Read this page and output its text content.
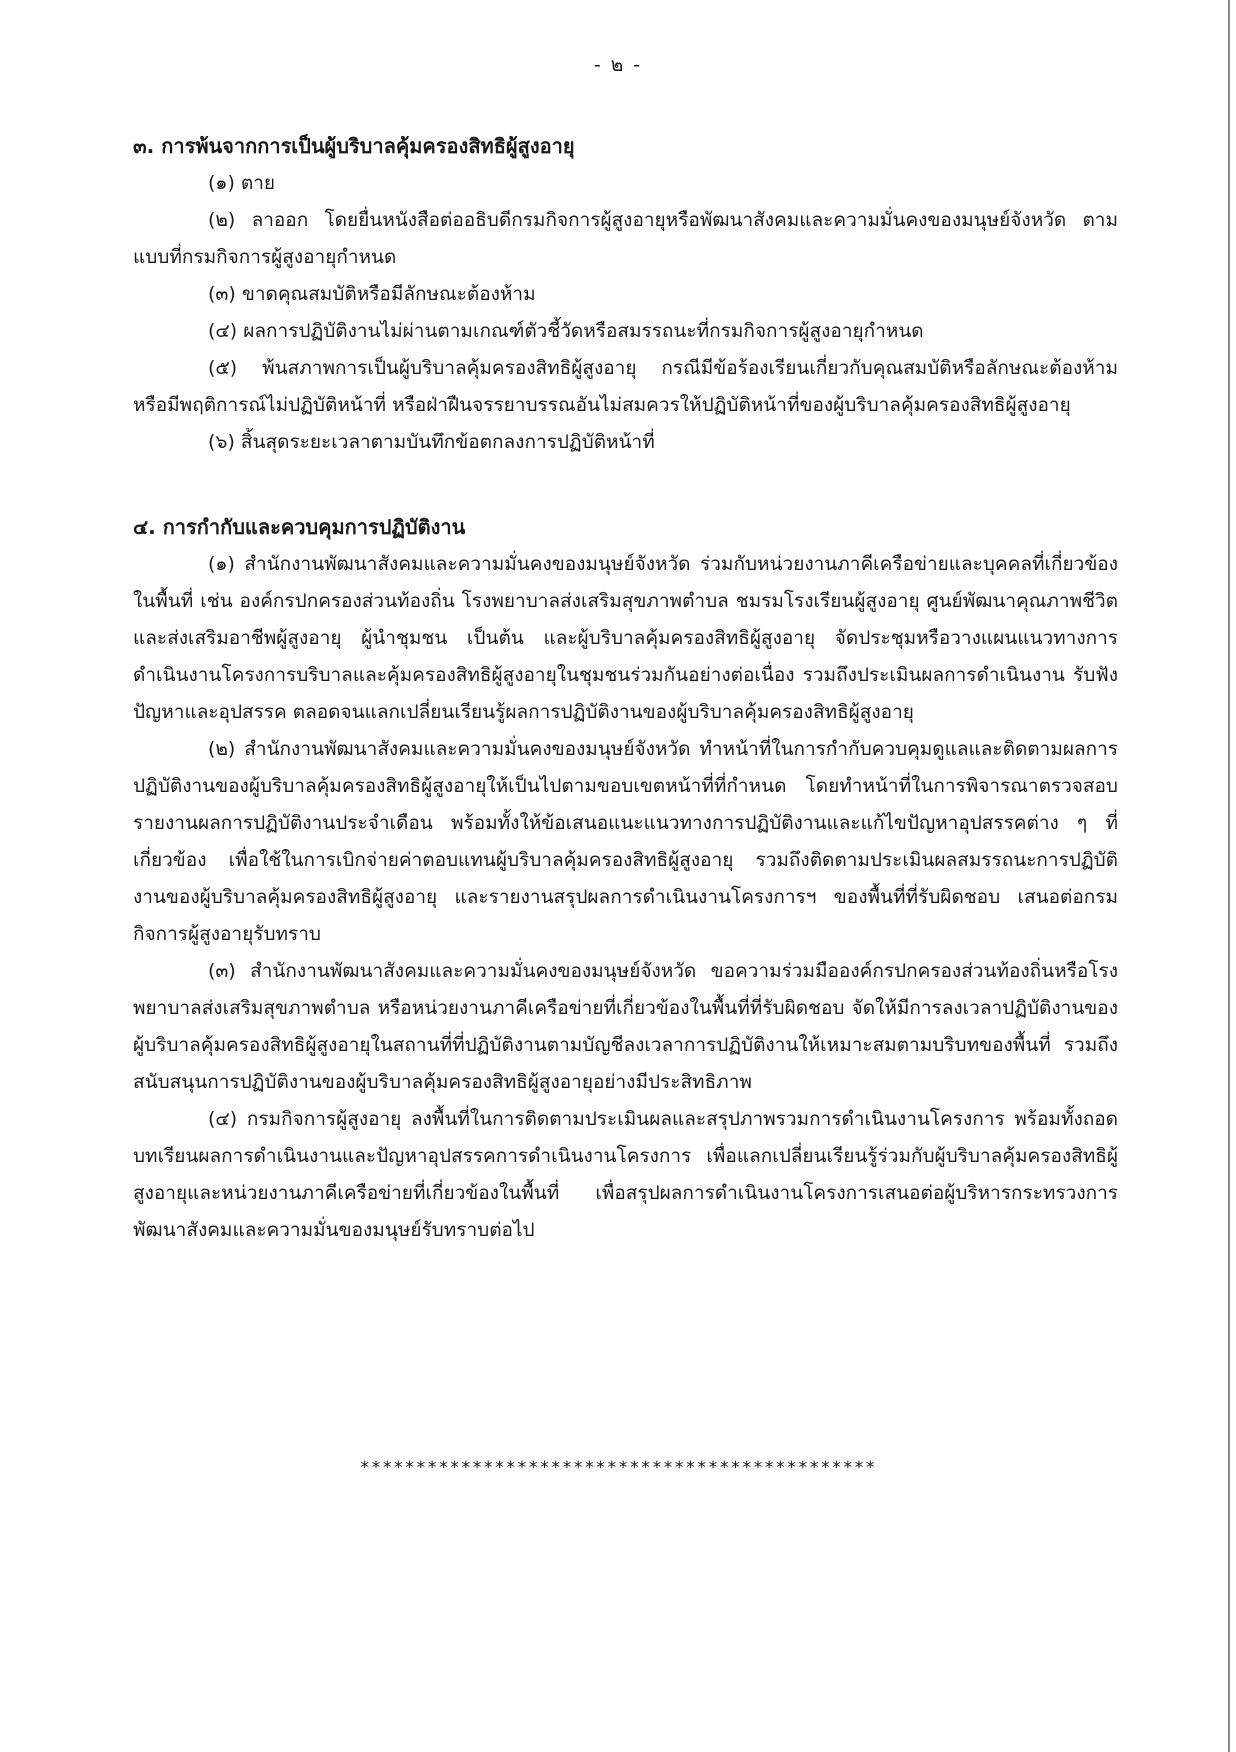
- ๒ -

๓. การพ้นจากการเป็นผู้บริบาลคุ้มครองสิทธิผู้สูงอายุ

(๑) ตาย

(๒) ลาออก โดยยื่นหนังสือต่ออธิบดีกรมกิจการผู้สูงอายุหรือพัฒนาสังคมและความมั่นคงของมนุษย์จังหวัด ตามแบบที่กรมกิจการผู้สูงอายุกำหนด

(๓) ขาดคุณสมบัติหรือมีลักษณะต้องห้าม

(๔) ผลการปฏิบัติงานไม่ผ่านตามเกณฑ์ตัวชี้วัดหรือสมรรถนะที่กรมกิจการผู้สูงอายุกำหนด

(๕) พ้นสภาพการเป็นผู้บริบาลคุ้มครองสิทธิผู้สูงอายุ กรณีมีข้อร้องเรียนเกี่ยวกับคุณสมบัติหรือลักษณะต้องห้าม หรือมีพฤติการณ์ไม่ปฏิบัติหน้าที่ หรือฝ่าฝืนจรรยาบรรณอันไม่สมควรให้ปฏิบัติหน้าที่ของผู้บริบาลคุ้มครองสิทธิผู้สูงอายุ

(๖) สิ้นสุดระยะเวลาตามบันทึกข้อตกลงการปฏิบัติหน้าที่

๔. การกำกับและควบคุมการปฏิบัติงาน

(๑) สำนักงานพัฒนาสังคมและความมั่นคงของมนุษย์จังหวัด ร่วมกับหน่วยงานภาคีเครือข่ายและบุคคลที่เกี่ยวข้องในพื้นที่ เช่น องค์กรปกครองส่วนท้องถิ่น โรงพยาบาลส่งเสริมสุขภาพตำบล ชมรมโรงเรียนผู้สูงอายุ ศูนย์พัฒนาคุณภาพชีวิตและส่งเสริมอาชีพผู้สูงอายุ ผู้นำชุมชน เป็นต้น และผู้บริบาลคุ้มครองสิทธิผู้สูงอายุ จัดประชุมหรือวางแผนแนวทางการดำเนินงานโครงการบริบาลและคุ้มครองสิทธิผู้สูงอายุในชุมชนร่วมกันอย่างต่อเนื่อง รวมถึงประเมินผลการดำเนินงาน รับฟังปัญหาและอุปสรรค ตลอดจนแลกเปลี่ยนเรียนรู้ผลการปฏิบัติงานของผู้บริบาลคุ้มครองสิทธิผู้สูงอายุ

(๒) สำนักงานพัฒนาสังคมและความมั่นคงของมนุษย์จังหวัด ทำหน้าที่ในการกำกับควบคุมดูแลและติดตามผลการปฏิบัติงานของผู้บริบาลคุ้มครองสิทธิผู้สูงอายุให้เป็นไปตามขอบเขตหน้าที่ที่กำหนด โดยทำหน้าที่ในการพิจารณาตรวจสอบรายงานผลการปฏิบัติงานประจำเดือน พร้อมทั้งให้ข้อเสนอแนะแนวทางการปฏิบัติงานและแก้ไขปัญหาอุปสรรคต่าง ๆ ที่เกี่ยวข้อง เพื่อใช้ในการเบิกจ่ายค่าตอบแทนผู้บริบาลคุ้มครองสิทธิผู้สูงอายุ รวมถึงติดตามประเมินผลสมรรถนะการปฏิบัติงานของผู้บริบาลคุ้มครองสิทธิผู้สูงอายุ และรายงานสรุปผลการดำเนินงานโครงการฯ ของพื้นที่ที่รับผิดชอบ เสนอต่อกรมกิจการผู้สูงอายุรับทราบ

(๓) สำนักงานพัฒนาสังคมและความมั่นคงของมนุษย์จังหวัด ขอความร่วมมือองค์กรปกครองส่วนท้องถิ่นหรือโรงพยาบาลส่งเสริมสุขภาพตำบล หรือหน่วยงานภาคีเครือข่ายที่เกี่ยวข้องในพื้นที่ที่รับผิดชอบ จัดให้มีการลงเวลาปฏิบัติงานของผู้บริบาลคุ้มครองสิทธิผู้สูงอายุในสถานที่ที่ปฏิบัติงานตามบัญชีลงเวลาการปฏิบัติงานให้เหมาะสมตามบริบทของพื้นที่ รวมถึงสนับสนุนการปฏิบัติงานของผู้บริบาลคุ้มครองสิทธิผู้สูงอายุอย่างมีประสิทธิภาพ

(๔) กรมกิจการผู้สูงอายุ ลงพื้นที่ในการติดตามประเมินผลและสรุปภาพรวมการดำเนินงานโครงการ พร้อมทั้งถอดบทเรียนผลการดำเนินงานและปัญหาอุปสรรคการดำเนินงานโครงการ เพื่อแลกเปลี่ยนเรียนรู้ร่วมกับผู้บริบาลคุ้มครองสิทธิผู้สูงอายุและหน่วยงานภาคีเครือข่ายที่เกี่ยวข้องในพื้นที่ เพื่อสรุปผลการดำเนินงานโครงการเสนอต่อผู้บริหารกระทรวงการพัฒนาสังคมและความมั่นของมนุษย์รับทราบต่อไป

**********************************************
